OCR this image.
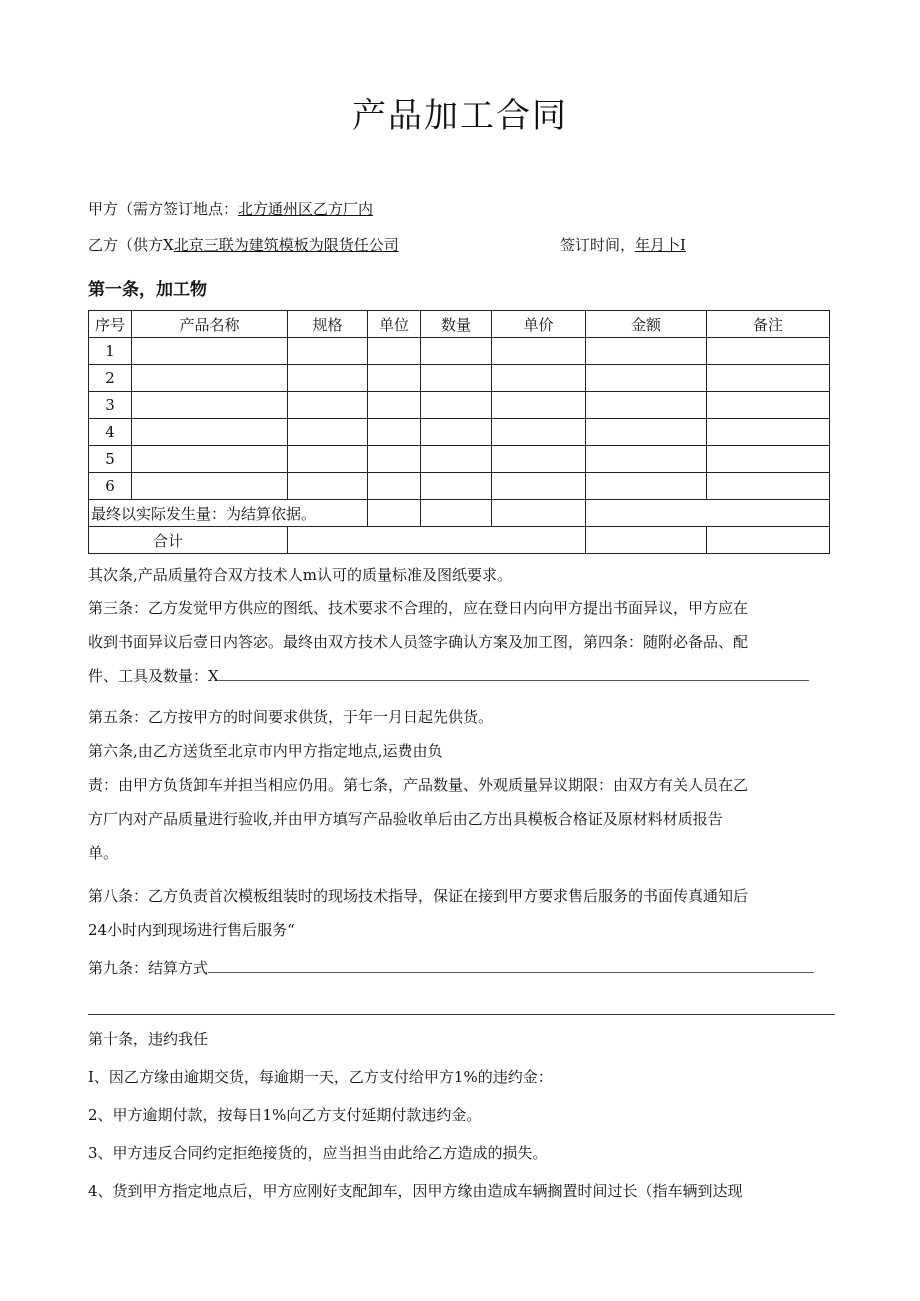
产品加工合同
甲方（需方签订地点：北方通州区乙方厂内
乙方（供方X北京三联为建筑模板为限货任公司	签订时间，年月卜I
第一条，加工物
序号	产品名称	规格	单位	数量	单价	金额	备注
1							
2							
3							
4							
5							
6							
最终以实际发生量：为结算依据。							
合计							
其次条,产品质量符合双方技术人m认可的质量标准及图纸要求。
第三条：乙方发觉甲方供应的图纸、技术要求不合理的，应在登日内向甲方提出书面异议，甲方应在
收到书面异议后壹日内答宓。最终由双方技术人员签字确认方案及加工图，第四条：随附必备品、配
件、工具及数量：X
第五条：乙方按甲方的时间要求供货，于年一月日起先供货。
第六条,由乙方送货至北京市内甲方指定地点,运费由负
责：由甲方负货卸车并担当相应仍用。第七条，产品数量、外观质量异议期限：由双方有关人员在乙
方厂内对产品质量进行验收,并由甲方填写产品验收单后由乙方出具模板合格证及原材料材质报告
单。
第八条：乙方负责首次模板组装时的现场技术指导，保证在接到甲方要求售后服务的书面传真通知后
24小时内到现场进行售后服务“
第九条：结算方式
第十条，违约我任
I、因乙方缘由逾期交货，每逾期一天，乙方支付给甲方1%的违约金：
2、甲方逾期付款，按每日1%向乙方支付延期付款违约金。
3、甲方违反合同约定拒绝接货的，应当担当由此给乙方造成的损失。
4、货到甲方指定地点后，甲方应刚好支配卸车，因甲方缘由造成车辆搁置时间过长（指车辆到达现
